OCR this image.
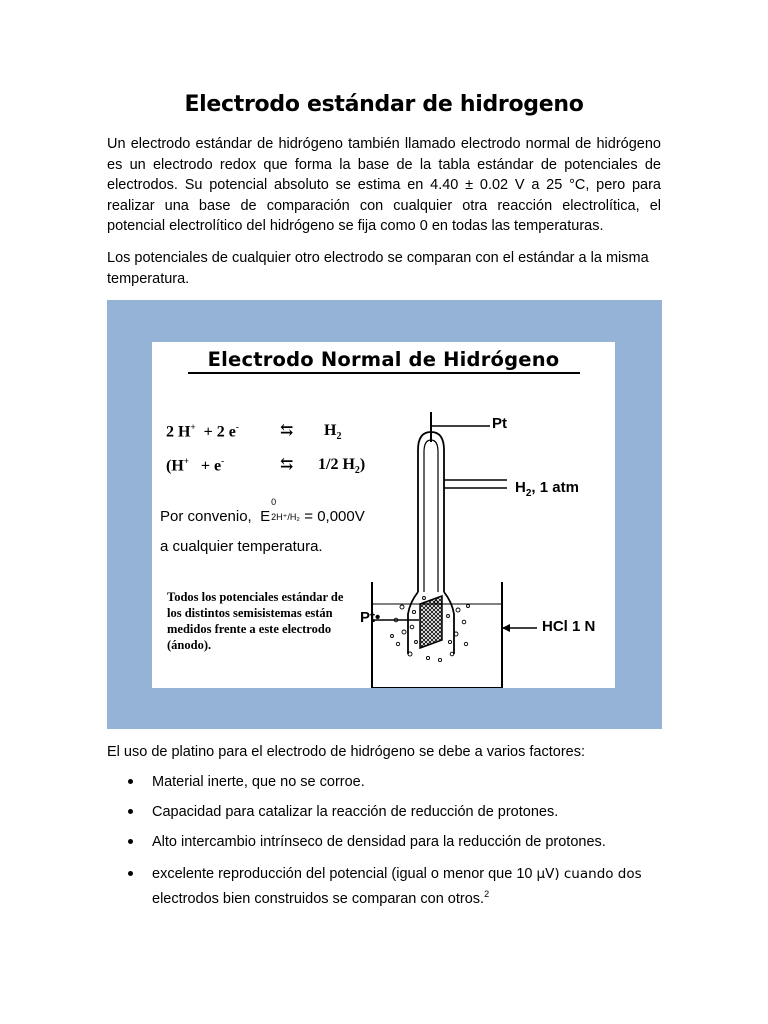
Electrodo estándar de hidrogeno

Un electrodo estándar de hidrógeno también llamado electrodo normal de hidrógeno es un electrodo redox que forma la base de la tabla estándar de potenciales de electrodos. Su potencial absoluto se estima en 4.40 ± 0.02 V a 25 °C, pero para realizar una base de comparación con cualquier otra reacción electrolítica, el potencial electrolítico del hidrógeno se fija como 0 en todas las temperaturas.

Los potenciales de cualquier otro electrodo se comparan con el estándar a la misma temperatura.

Electrodo Normal de Hidrógeno
2 H+ + 2 e-	⇆ $H_2$
(H+ + e-	⇆ 1/2 $H_2$)
Por convenio, E
0
2H⁺/H₂ = 0,000V
a cualquier temperatura.
Todos los potenciales estándar de los distintos semisistemas están medidos frente a este electrodo (ánodo).
Pt
$H_2$, 1 atm
Pt•
HCl 1 N
El uso de platino para el electrodo de hidrógeno se debe a varios factores:
Material inerte, que no se corroe.
Capacidad para catalizar la reacción de reducción de protones.
Alto intercambio intrínseco de densidad para la reducción de protones.
excelente reproducción del potencial (igual o menor que 10 µV) cuando dos
electrodos bien construidos se comparan con otros.$^2$
